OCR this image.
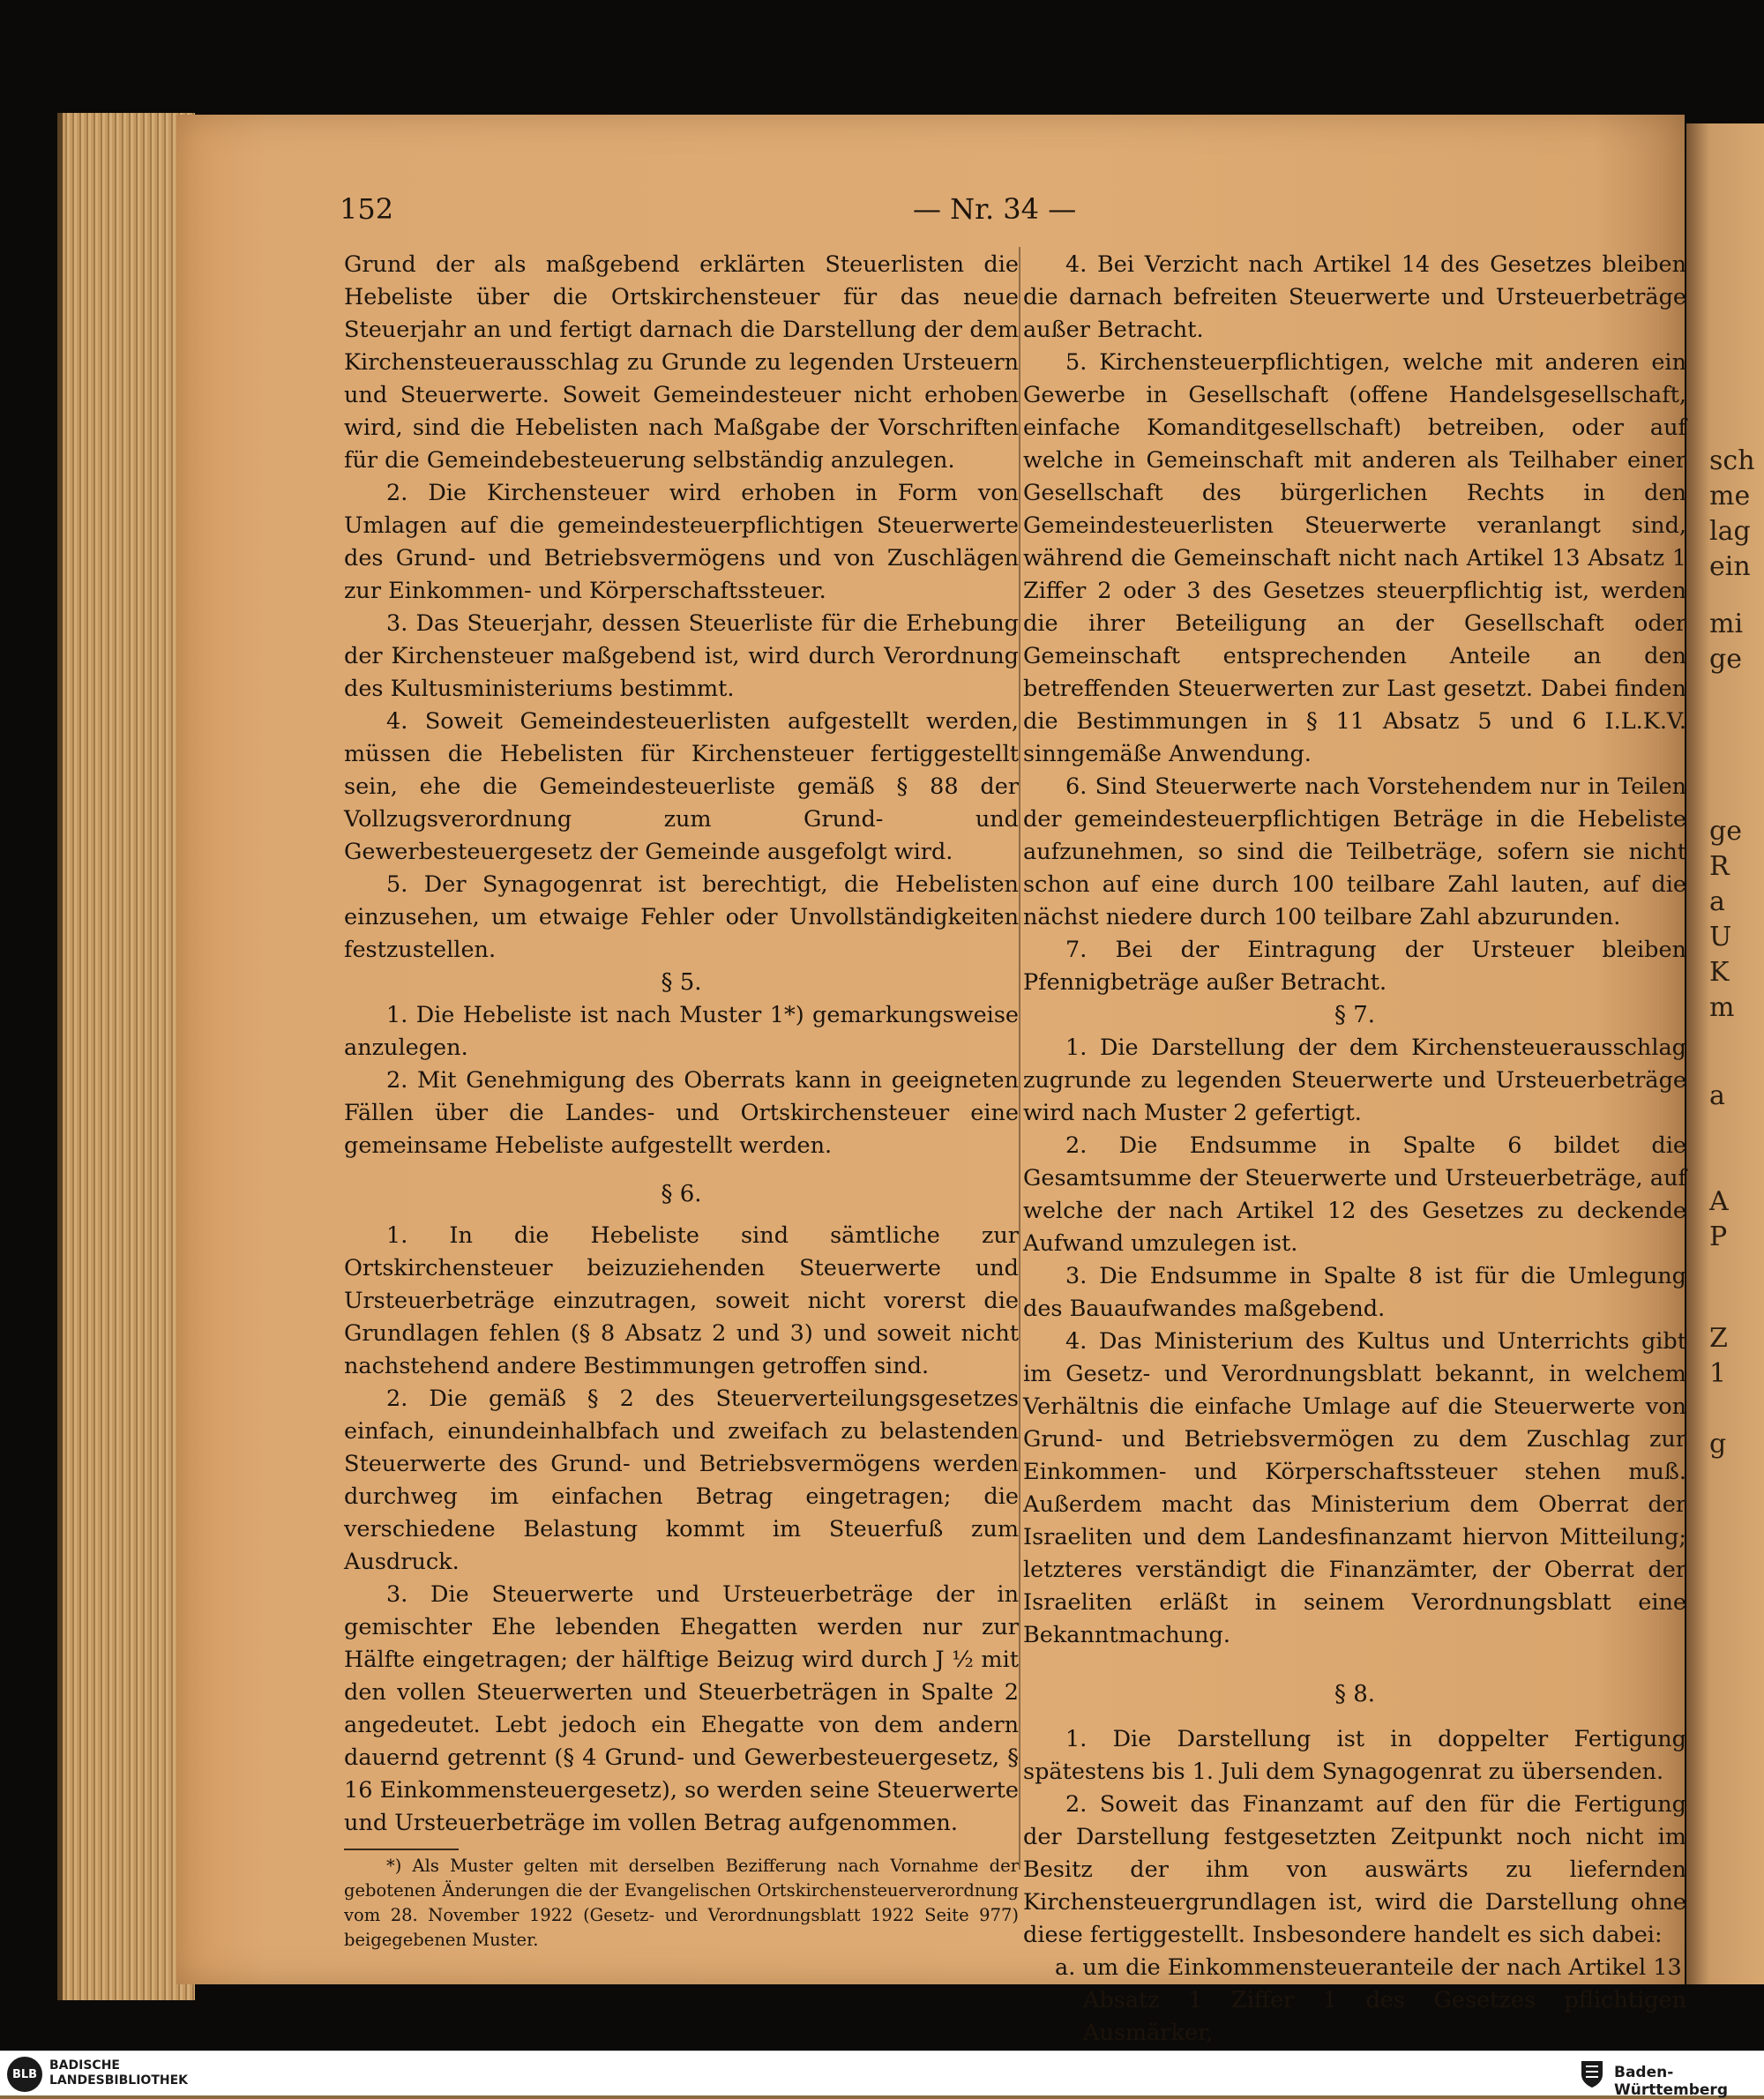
sch
me
lag
ein
mi
ge
ge
R
a
U
K
m
a
A
P
Z
1
g
152	— Nr. 34 —

Grund der als maßgebend erklärten Steuerlisten die Hebeliste über die Ortskirchensteuer für das neue Steuerjahr an und fertigt darnach die Darstellung der dem Kirchensteuerausschlag zu Grunde zu legenden Ursteuern und Steuerwerte. Soweit Gemeindesteuer nicht erhoben wird, sind die Hebelisten nach Maßgabe der Vorschriften für die Gemeindebesteuerung selbständig anzulegen.

2. Die Kirchensteuer wird erhoben in Form von Umlagen auf die gemeindesteuerpflichtigen Steuerwerte des Grund- und Betriebsvermögens und von Zuschlägen zur Einkommen- und Körperschaftssteuer.

3. Das Steuerjahr, dessen Steuerliste für die Erhebung der Kirchensteuer maßgebend ist, wird durch Verordnung des Kultusministeriums bestimmt.

4. Soweit Gemeindesteuerlisten aufgestellt werden, müssen die Hebelisten für Kirchensteuer fertiggestellt sein, ehe die Gemeindesteuerliste gemäß § 88 der Vollzugsverordnung zum Grund- und Gewerbesteuergesetz der Gemeinde ausgefolgt wird.

5. Der Synagogenrat ist berechtigt, die Hebelisten einzusehen, um etwaige Fehler oder Unvollständigkeiten festzustellen.

§ 5.

1. Die Hebeliste ist nach Muster 1*) gemarkungsweise anzulegen.

2. Mit Genehmigung des Oberrats kann in geeigneten Fällen über die Landes- und Ortskirchensteuer eine gemeinsame Hebeliste aufgestellt werden.

§ 6.

1. In die Hebeliste sind sämtliche zur Ortskirchensteuer beizuziehenden Steuerwerte und Ursteuerbeträge einzutragen, soweit nicht vorerst die Grundlagen fehlen (§ 8 Absatz 2 und 3) und soweit nicht nachstehend andere Bestimmungen getroffen sind.

2. Die gemäß § 2 des Steuerverteilungsgesetzes einfach, einundeinhalbfach und zweifach zu belastenden Steuerwerte des Grund- und Betriebsvermögens werden durchweg im einfachen Betrag eingetragen; die verschiedene Belastung kommt im Steuerfuß zum Ausdruck.

3. Die Steuerwerte und Ursteuerbeträge der in gemischter Ehe lebenden Ehegatten werden nur zur Hälfte eingetragen; der hälftige Beizug wird durch J ½ mit den vollen Steuerwerten und Steuerbeträgen in Spalte 2 angedeutet. Lebt jedoch ein Ehegatte von dem andern dauernd getrennt (§ 4 Grund- und Gewerbesteuergesetz, § 16 Einkommensteuergesetz), so werden seine Steuerwerte und Ursteuerbeträge im vollen Betrag aufgenommen.

*) Als Muster gelten mit derselben Beziﬀerung nach Vornahme der gebotenen Änderungen die der Evangelischen Ortskirchensteuerverordnung vom 28. November 1922 (Gesetz- und Verordnungsblatt 1922 Seite 977) beigegebenen Muster.

4. Bei Verzicht nach Artikel 14 des Gesetzes bleiben die darnach befreiten Steuerwerte und Ursteuerbeträge außer Betracht.

5. Kirchensteuerpflichtigen, welche mit anderen ein Gewerbe in Gesellschaft (offene Handelsgesellschaft, einfache Komanditgesellschaft) betreiben, oder auf welche in Gemeinschaft mit anderen als Teilhaber einer Gesellschaft des bürgerlichen Rechts in den Gemeindesteuerlisten Steuerwerte veranlangt sind, während die Gemeinschaft nicht nach Artikel 13 Absatz 1 Ziffer 2 oder 3 des Gesetzes steuerpflichtig ist, werden die ihrer Beteiligung an der Gesellschaft oder Gemeinschaft entsprechenden Anteile an den betreffenden Steuerwerten zur Last gesetzt. Dabei finden die Bestimmungen in § 11 Absatz 5 und 6 I.L.K.V. sinngemäße Anwendung.

6. Sind Steuerwerte nach Vorstehendem nur in Teilen der gemeindesteuerpflichtigen Beträge in die Hebeliste aufzunehmen, so sind die Teilbeträge, sofern sie nicht schon auf eine durch 100 teilbare Zahl lauten, auf die nächst niedere durch 100 teilbare Zahl abzurunden.

7. Bei der Eintragung der Ursteuer bleiben Pfennigbeträge außer Betracht.

§ 7.

1. Die Darstellung der dem Kirchensteuerausschlag zugrunde zu legenden Steuerwerte und Ursteuerbeträge wird nach Muster 2 gefertigt.

2. Die Endsumme in Spalte 6 bildet die Gesamtsumme der Steuerwerte und Ursteuerbeträge, auf welche der nach Artikel 12 des Gesetzes zu deckende Aufwand umzulegen ist.

3. Die Endsumme in Spalte 8 ist für die Umlegung des Bauaufwandes maßgebend.

4. Das Ministerium des Kultus und Unterrichts gibt im Gesetz- und Verordnungsblatt bekannt, in welchem Verhältnis die einfache Umlage auf die Steuerwerte von Grund- und Betriebsvermögen zu dem Zuschlag zur Einkommen- und Körperschaftssteuer stehen muß. Außerdem macht das Ministerium dem Oberrat der Israeliten und dem Landesfinanzamt hiervon Mitteilung; letzteres verständigt die Finanzämter, der Oberrat der Israeliten erläßt in seinem Verordnungsblatt eine Bekanntmachung.

§ 8.

1. Die Darstellung ist in doppelter Fertigung spätestens bis 1. Juli dem Synagogenrat zu übersenden.

2. Soweit das Finanzamt auf den für die Fertigung der Darstellung festgesetzten Zeitpunkt noch nicht im Besitz der ihm von auswärts zu liefernden Kirchensteuergrundlagen ist, wird die Darstellung ohne diese fertiggestellt. Insbesondere handelt es sich dabei:

a. um die Einkommensteueranteile der nach Artikel 13

Absatz 1 Ziffer 1 des Gesetzes pflichtigen Ausmärker,

BLB
BADISCHE
LANDESBIBLIOTHEK	Baden-Württemberg
